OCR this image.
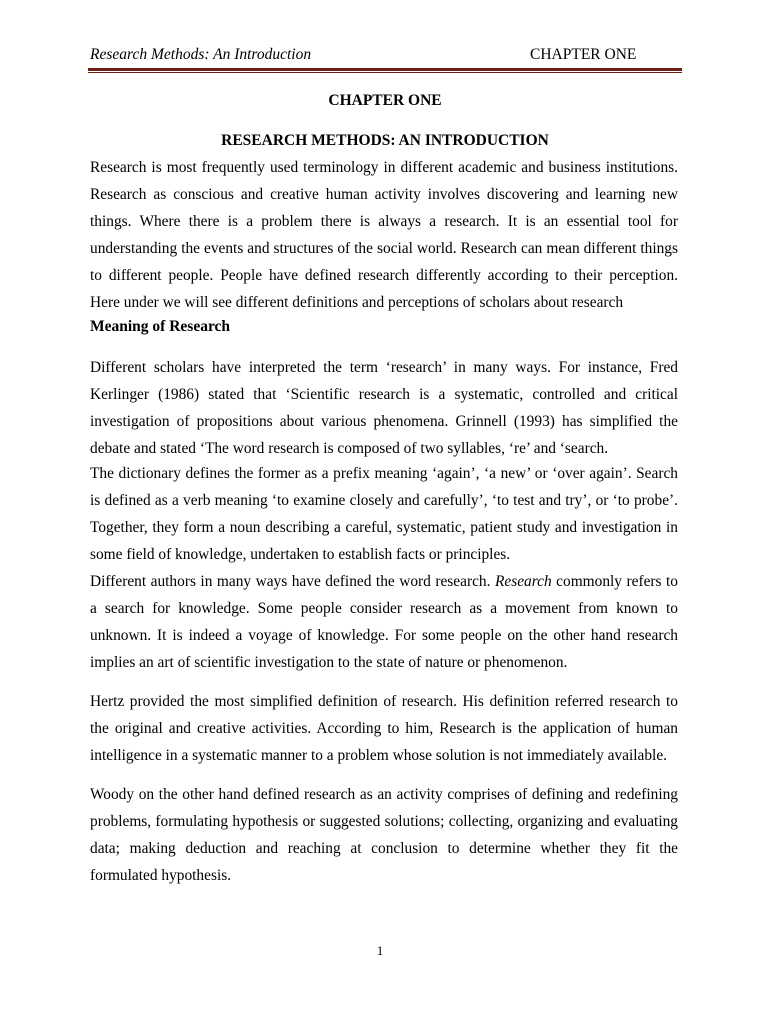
Research Methods: An Introduction	CHAPTER ONE
CHAPTER ONE
RESEARCH METHODS: AN INTRODUCTION

Research is most frequently used terminology in different academic and business institutions. Research as conscious and creative human activity involves discovering and learning new things. Where there is a problem there is always a research. It is an essential tool for understanding the events and structures of the social world. Research can mean different things to different people. People have defined research differently according to their perception. Here under we will see different definitions and perceptions of scholars about research

Meaning of Research

Different scholars have interpreted the term ‘research’ in many ways. For instance, Fred Kerlinger (1986) stated that ‘Scientific research is a systematic, controlled and critical investigation of propositions about various phenomena. Grinnell (1993) has simplified the debate and stated ‘The word research is composed of two syllables, ‘re’ and ‘search.

The dictionary defines the former as a prefix meaning ‘again’, ‘a new’ or ‘over again’. Search is defined as a verb meaning ‘to examine closely and carefully’, ‘to test and try’, or ‘to probe’. Together, they form a noun describing a careful, systematic, patient study and investigation in some field of knowledge, undertaken to establish facts or principles.

Different authors in many ways have defined the word research. Research commonly refers to a search for knowledge. Some people consider research as a movement from known to unknown. It is indeed a voyage of knowledge. For some people on the other hand research implies an art of scientific investigation to the state of nature or phenomenon.

Hertz provided the most simplified definition of research. His definition referred research to the original and creative activities. According to him, Research is the application of human intelligence in a systematic manner to a problem whose solution is not immediately available.

Woody on the other hand defined research as an activity comprises of defining and redefining problems, formulating hypothesis or suggested solutions; collecting, organizing and evaluating data; making deduction and reaching at conclusion to determine whether they fit the formulated hypothesis.

1
